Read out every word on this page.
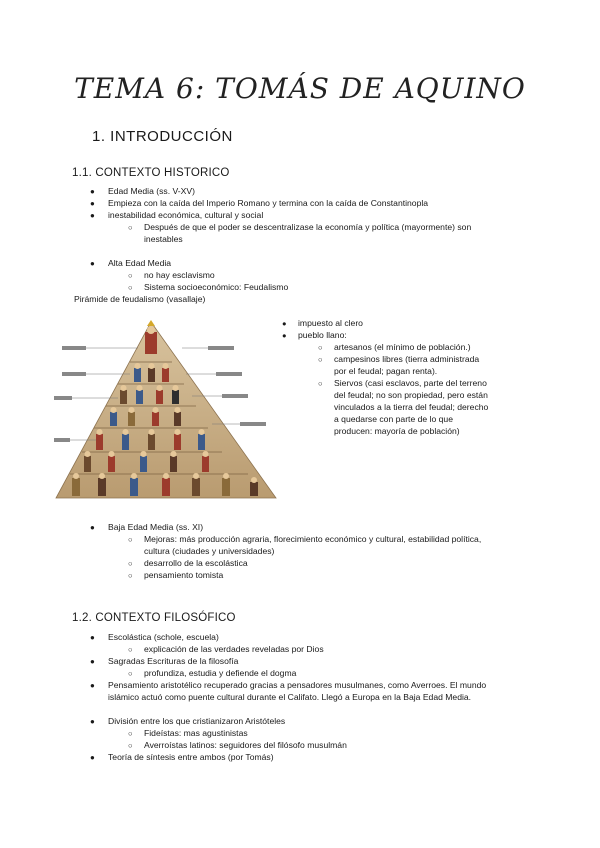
TEMA 6: TOMÁS DE AQUINO
1. INTRODUCCIÓN
1.1. CONTEXTO HISTORICO
● Edad Media (ss. V-XV)
● Empieza con la caída del Imperio Romano y termina con la caída de Constantinopla
● inestabilidad económica, cultural y social
○ Después de que el poder se descentralizase la economía y política (mayormente) son
inestables
● Alta Edad Media
○ no hay esclavismo
○ Sistema socioeconómico: Feudalismo
Pirámide de feudalismo (vasallaje)
● impuesto al clero
● pueblo llano:
○ artesanos (el mínimo de población.)
○ campesinos libres (tierra administrada
por el feudal; pagan renta).
○ Siervos (casi esclavos, parte del terreno
del feudal; no son propiedad, pero están
vinculados a la tierra del feudal; derecho
a quedarse con parte de lo que
producen: mayoría de población)
● Baja Edad Media (ss. XI)
○ Mejoras: más producción agraria, florecimiento económico y cultural, estabilidad política,
cultura (ciudades y universidades)
○ desarrollo de la escolástica
○ pensamiento tomista
1.2. CONTEXTO FILOSÓFICO
● Escolástica (schole, escuela)
○ explicación de las verdades reveladas por Dios
● Sagradas Escrituras de la filosofía
○ profundiza, estudia y defiende el dogma
● Pensamiento aristotélico recuperado gracias a pensadores musulmanes, como Averroes. El mundo
islámico actuó como puente cultural durante el Califato. Llegó a Europa en la Baja Edad Media.
● División entre los que cristianizaron Aristóteles
○ Fideístas: mas agustinistas
○ Averroístas latinos: seguidores del filósofo musulmán
● Teoría de síntesis entre ambos (por Tomás)
